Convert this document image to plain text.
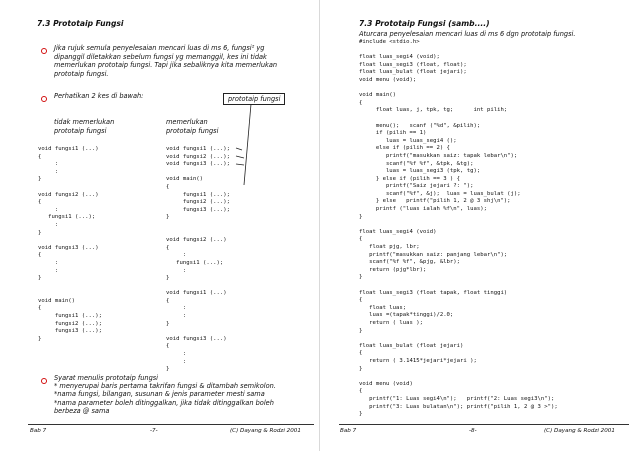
7.3 Prototaip Fungsi
Jika rujuk semula penyelesaian mencari luas di ms 6, fungsi² yg
dipanggil diletakkan sebelum fungsi yg memanggil, kes ini tidak
memerlukan prototaip fungsi. Tapi jika sebaliknya kita memerlukan
prototaip fungsi.
Perhatikan 2 kes di bawah:	prototaip fungsi
tidak memerlukan
prototaip fungsi
memerlukan
prototaip fungsi
void fungsi1 (...)
{
:
:
}

void fungsi2 (...)
{
:
fungsi1 (...);
:
}

void fungsi3 (...)
{
:
:
}

void main()
{
fungsi1 (...);
fungsi2 (...);
fungsi3 (...);
}
void fungsi1 (...);
void fungsi2 (...);
void fungsi3 (...);

void main()
{
fungsi1 (...);
fungsi2 (...);
fungsi3 (...);
}

void fungsi2 (...)
{
:
fungsi1 (...);
:
}

void fungsi1 (...)
{
:
:
}

void fungsi3 (...)
{
:
:
}
Syarat menulis prototaip fungsi
* menyerupai baris pertama takrifan fungsi & ditambah semikolon.
*nama fungsi, bilangan, susunan & jenis parameter mesti sama
*nama parameter boleh ditinggalkan, jika tidak ditinggalkan boleh
berbeza @ sama
Bab 7	-7-	(C) Dayang & Rodzi 2001
7.3 Prototaip Fungsi (samb....)
Aturcara penyelesaian mencari luas di ms 6 dgn prototaip fungsi.
#include <stdio.h>

float luas_segi4 (void);
float luas_segi3 (float, float);
float luas_bulat (float jejari);
void menu (void);

void main()
{
float luas, j, tpk, tg;      int pilih;

menu();   scanf ("%d", &pilih);
if (pilih == 1)
luas = luas_segi4 ();
else if (pilih == 2) {
printf("masukkan saiz: tapak lebar\n");
scanf("%f %f", &tpk, &tg);
luas = luas_segi3 (tpk, tg);
} else if (pilih == 3 ) {
printf("Saiz jejari ?: ");
scanf("%f", &j);  luas = luas_bulat (j);
} else   printf("pilih 1, 2 @ 3 shj\n");
printf ("luas ialah %f\n", luas);
}

float luas_segi4 (void)
{
float pjg, lbr;
printf("masukkan saiz: panjang lebar\n");
scanf("%f %f", &pjg, &lbr);
return (pjg*lbr);
}

float luas_segi3 (float tapak, float tinggi)
{
float luas;
luas =(tapak*tinggi)/2.0;
return ( luas );
}

float luas_bulat (float jejari)
{
return ( 3.1415*jejari*jejari );
}

void menu (void)
{
printf("1: Luas segi4\n");   printf("2: Luas segi3\n");
printf("3: Luas bulatan\n"); printf("pilih 1, 2 @ 3 >");
}
Bab 7	-8-	(C) Dayang & Rodzi 2001
